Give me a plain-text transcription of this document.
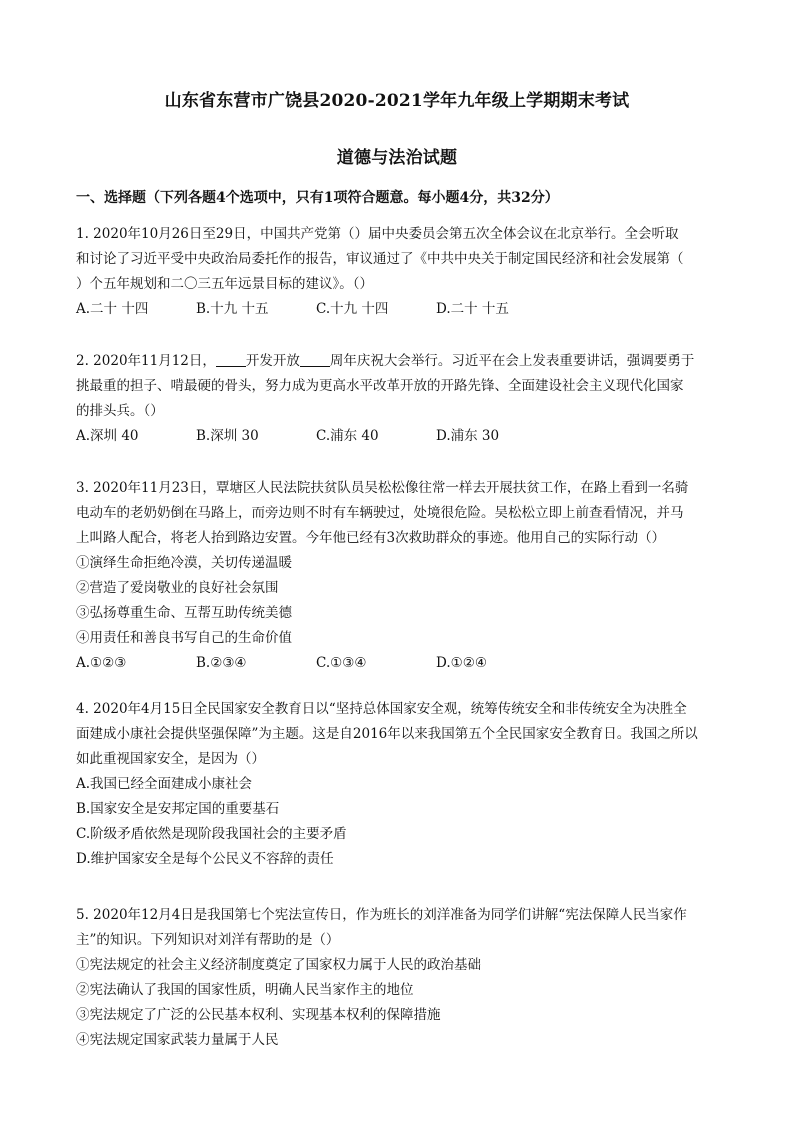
山东省东营市广饶县2020-2021学年九年级上学期期末考试
道德与法治试题
一、选择题（下列各题4个选项中，只有1项符合题意。每小题4分，共32分）

1. 2020年10月26日至29日，中国共产党第（）届中央委员会第五次全体会议在北京举行。全会听取

和讨论了习近平受中央政治局委托作的报告，审议通过了《中共中央关于制定国民经济和社会发展第（

）个五年规划和二〇三五年远景目标的建议》。（）

A.二十 十四	B.十九 十五	C.十九 十四	D.二十 十五

2. 2020年11月12日， 开发开放 周年庆祝大会举行。习近平在会上发表重要讲话，强调要勇于

挑最重的担子、啃最硬的骨头，努力成为更高水平改革开放的开路先锋、全面建设社会主义现代化国家

的排头兵。（）

A.深圳 40	B.深圳 30	C.浦东 40	D.浦东 30

3. 2020年11月23日，覃塘区人民法院扶贫队员吴松松像往常一样去开展扶贫工作，在路上看到一名骑

电动车的老奶奶倒在马路上，而旁边则不时有车辆驶过，处境很危险。吴松松立即上前查看情况，并马

上叫路人配合，将老人抬到路边安置。今年他已经有3次救助群众的事迹。他用自己的实际行动（）

①演绎生命拒绝冷漠，关切传递温暖

②营造了爱岗敬业的良好社会氛围

③弘扬尊重生命、互帮互助传统美德

④用责任和善良书写自己的生命价值

A.①②③	B.②③④	C.①③④	D.①②④

4. 2020年4月15日全民国家安全教育日以“坚持总体国家安全观，统筹传统安全和非传统安全为决胜全

面建成小康社会提供坚强保障”为主题。这是自2016年以来我国第五个全民国家安全教育日。我国之所以

如此重视国家安全，是因为（）

A.我国已经全面建成小康社会

B.国家安全是安邦定国的重要基石

C.阶级矛盾依然是现阶段我国社会的主要矛盾

D.维护国家安全是每个公民义不容辞的责任

5. 2020年12月4日是我国第七个宪法宣传日，作为班长的刘洋准备为同学们讲解“宪法保障人民当家作

主”的知识。下列知识对刘洋有帮助的是（）

①宪法规定的社会主义经济制度奠定了国家权力属于人民的政治基础

②宪法确认了我国的国家性质，明确人民当家作主的地位

③宪法规定了广泛的公民基本权利、实现基本权利的保障措施

④宪法规定国家武装力量属于人民
